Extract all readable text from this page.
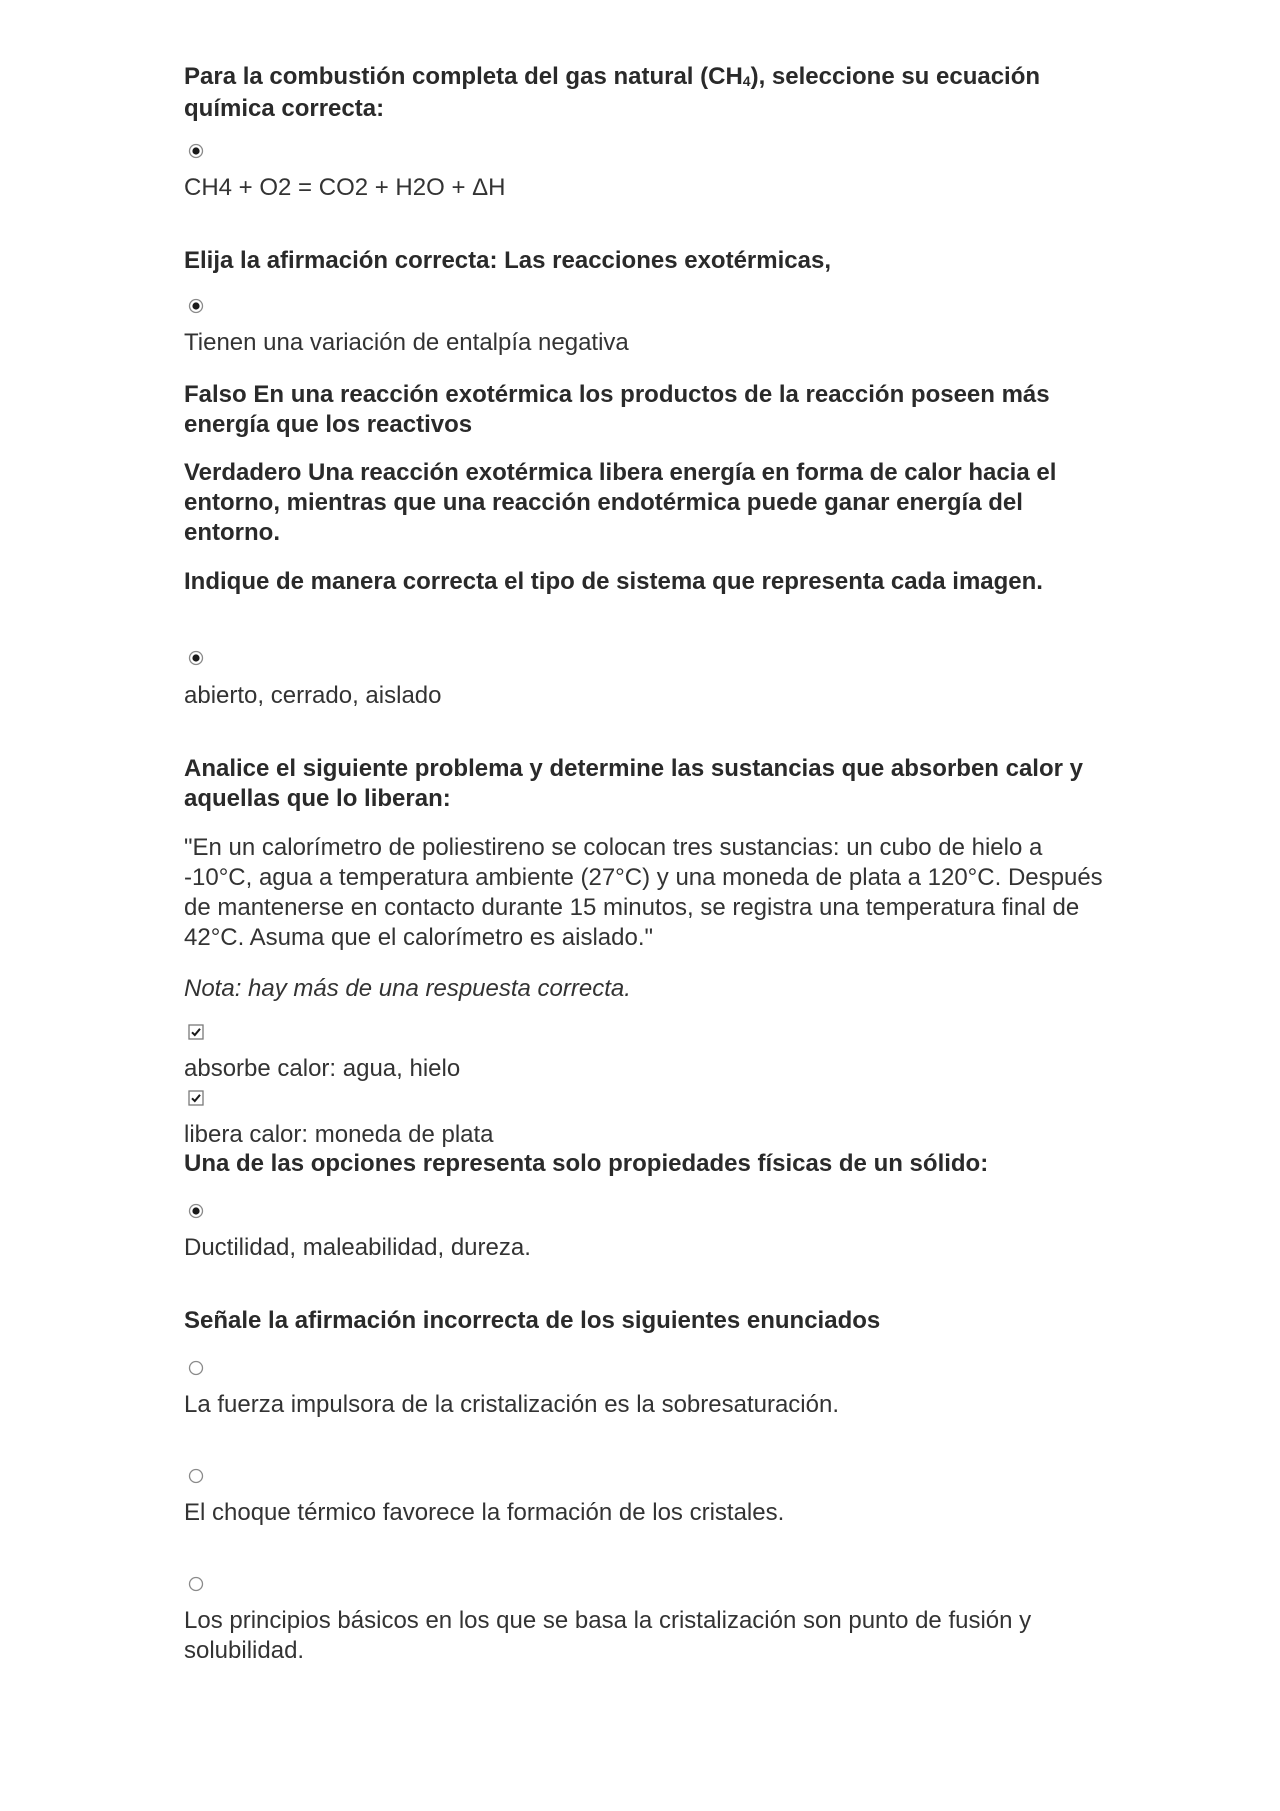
Para la combustión completa del gas natural $(CH_4)$, seleccione su ecuación química correcta:
CH4 + O2 = CO2 + H2O + ΔH
Elija la afirmación correcta: Las reacciones exotérmicas,
Tienen una variación de entalpía negativa
Falso En una reacción exotérmica los productos de la reacción poseen más energía que los reactivos
Verdadero Una reacción exotérmica libera energía en forma de calor hacia el entorno, mientras que una reacción endotérmica puede ganar energía del entorno.
Indique de manera correcta el tipo de sistema que representa cada imagen.
abierto, cerrado, aislado
Analice el siguiente problema y determine las sustancias que absorben calor y aquellas que lo liberan:
"En un calorímetro de poliestireno se colocan tres sustancias: un cubo de hielo a -10°C, agua a temperatura ambiente (27°C) y una moneda de plata a 120°C. Después de mantenerse en contacto durante 15 minutos, se registra una temperatura final de 42°C. Asuma que el calorímetro es aislado."
Nota: hay más de una respuesta correcta.
absorbe calor: agua, hielo
libera calor: moneda de plata
Una de las opciones representa solo propiedades físicas de un sólido:
Ductilidad, maleabilidad, dureza.
Señale la afirmación incorrecta de los siguientes enunciados
La fuerza impulsora de la cristalización es la sobresaturación.
El choque térmico favorece la formación de los cristales.
Los principios básicos en los que se basa la cristalización son punto de fusión y solubilidad.
